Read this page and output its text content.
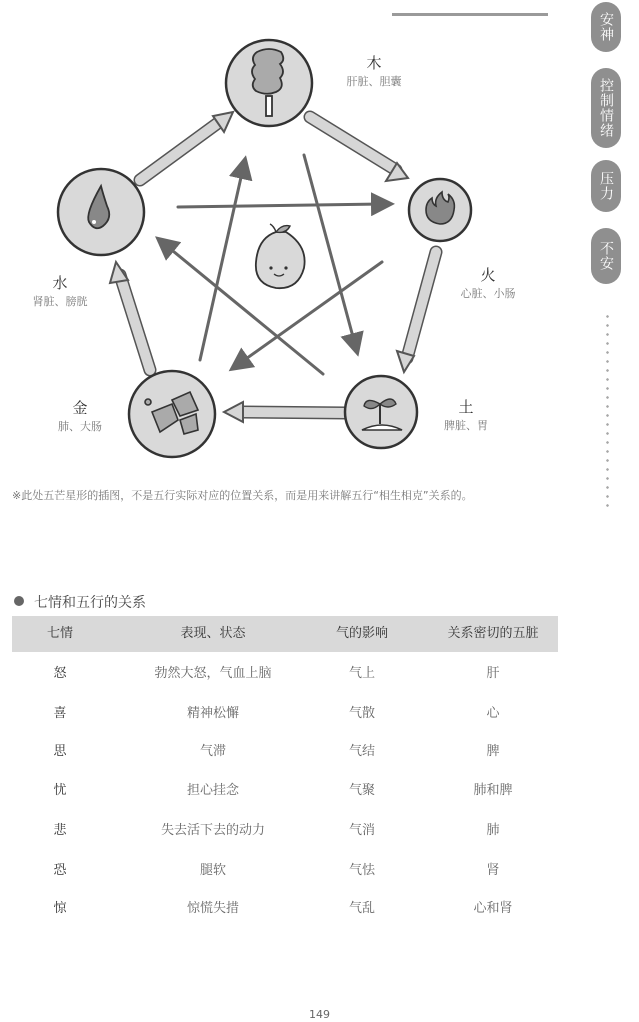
安神
控制情绪
压力
不安
木
肝脏、胆囊
火
心脏、小肠
土
脾脏、胃
金
肺、大肠
水
肾脏、膀胱
※此处五芒星形的插图，不是五行实际对应的位置关系，而是用来讲解五行“相生相克”关系的。
七情和五行的关系
七情	表现、状态	气的影响	关系密切的五脏
怒	勃然大怒，气血上脑	气上	肝
喜	精神松懈	气散	心
思	气滞	气结	脾
忧	担心挂念	气聚	肺和脾
悲	失去活下去的动力	气消	肺
恐	腿软	气怯	肾
惊	惊慌失措	气乱	心和肾
149
